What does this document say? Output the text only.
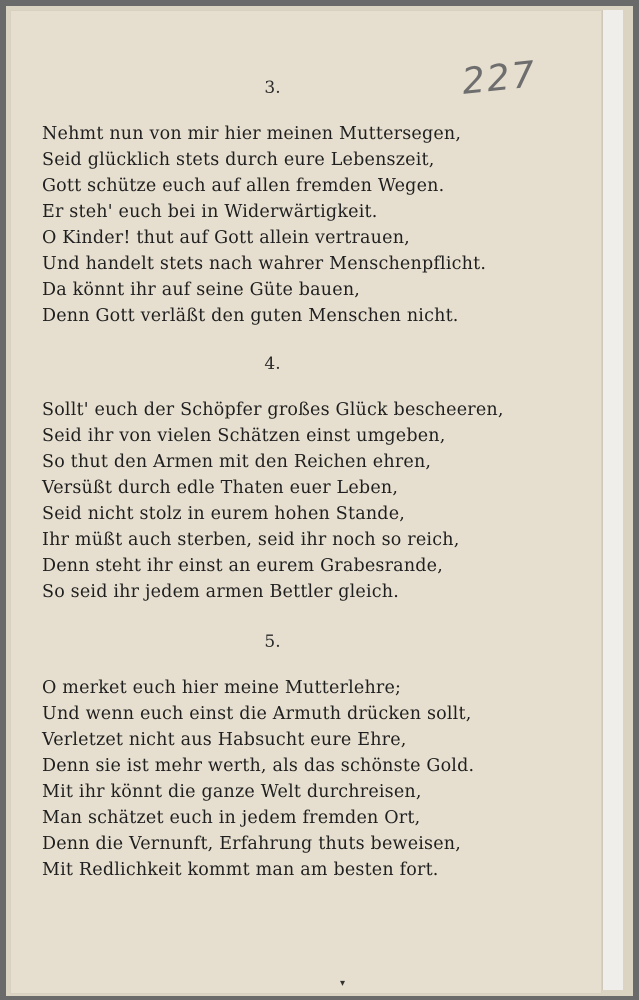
227
3.
Nehmt nun von mir hier meinen Muttersegen,
Seid glücklich stets durch eure Lebenszeit,
Gott schütze euch auf allen fremden Wegen.
Er steh' euch bei in Widerwärtigkeit.
O Kinder! thut auf Gott allein vertrauen,
Und handelt stets nach wahrer Menschenpflicht.
Da könnt ihr auf seine Güte bauen,
Denn Gott verläßt den guten Menschen nicht.
4.
Sollt' euch der Schöpfer großes Glück bescheeren,
Seid ihr von vielen Schätzen einst umgeben,
So thut den Armen mit den Reichen ehren,
Versüßt durch edle Thaten euer Leben,
Seid nicht stolz in eurem hohen Stande,
Ihr müßt auch sterben, seid ihr noch so reich,
Denn steht ihr einst an eurem Grabesrande,
So seid ihr jedem armen Bettler gleich.
5.
O merket euch hier meine Mutterlehre;
Und wenn euch einst die Armuth drücken sollt,
Verletzet nicht aus Habsucht eure Ehre,
Denn sie ist mehr werth, als das schönste Gold.
Mit ihr könnt die ganze Welt durchreisen,
Man schätzet euch in jedem fremden Ort,
Denn die Vernunft, Erfahrung thuts beweisen,
Mit Redlichkeit kommt man am besten fort.
▾
